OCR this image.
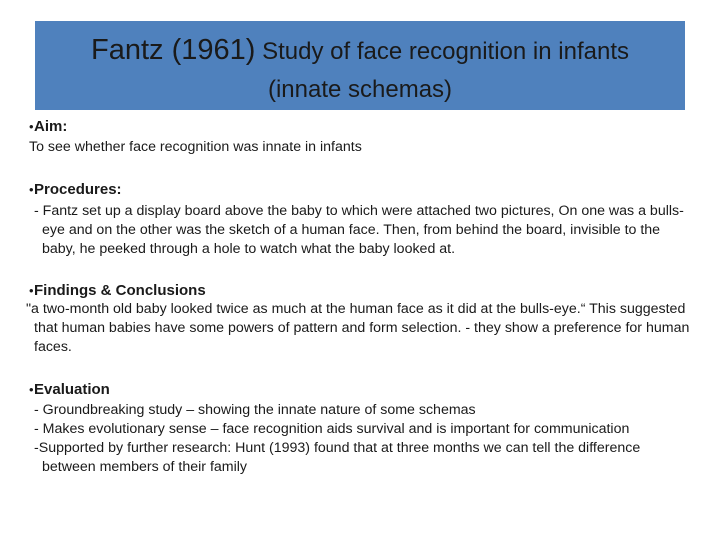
Fantz (1961) Study of face recognition in infants
(innate schemas)
• Aim:

To see whether face recognition was innate in infants

• Procedures:

- Fantz set up a display board above the baby to which were attached two pictures, On one was a bulls-eye and on the other was the sketch of a human face. Then, from behind the board, invisible to the baby, he peeked through a hole to watch what the baby looked at.

• Findings & Conclusions

"a two-month old baby looked twice as much at the human face as it did at the bulls-eye.“ This suggested that human babies have some powers of pattern and form selection. - they show a preference for human faces.

• Evaluation

- Groundbreaking study – showing the innate nature of some schemas

- Makes evolutionary sense – face recognition aids survival and is important for communication

-Supported by further research: Hunt (1993) found that at three months we can tell the difference between members of their family
